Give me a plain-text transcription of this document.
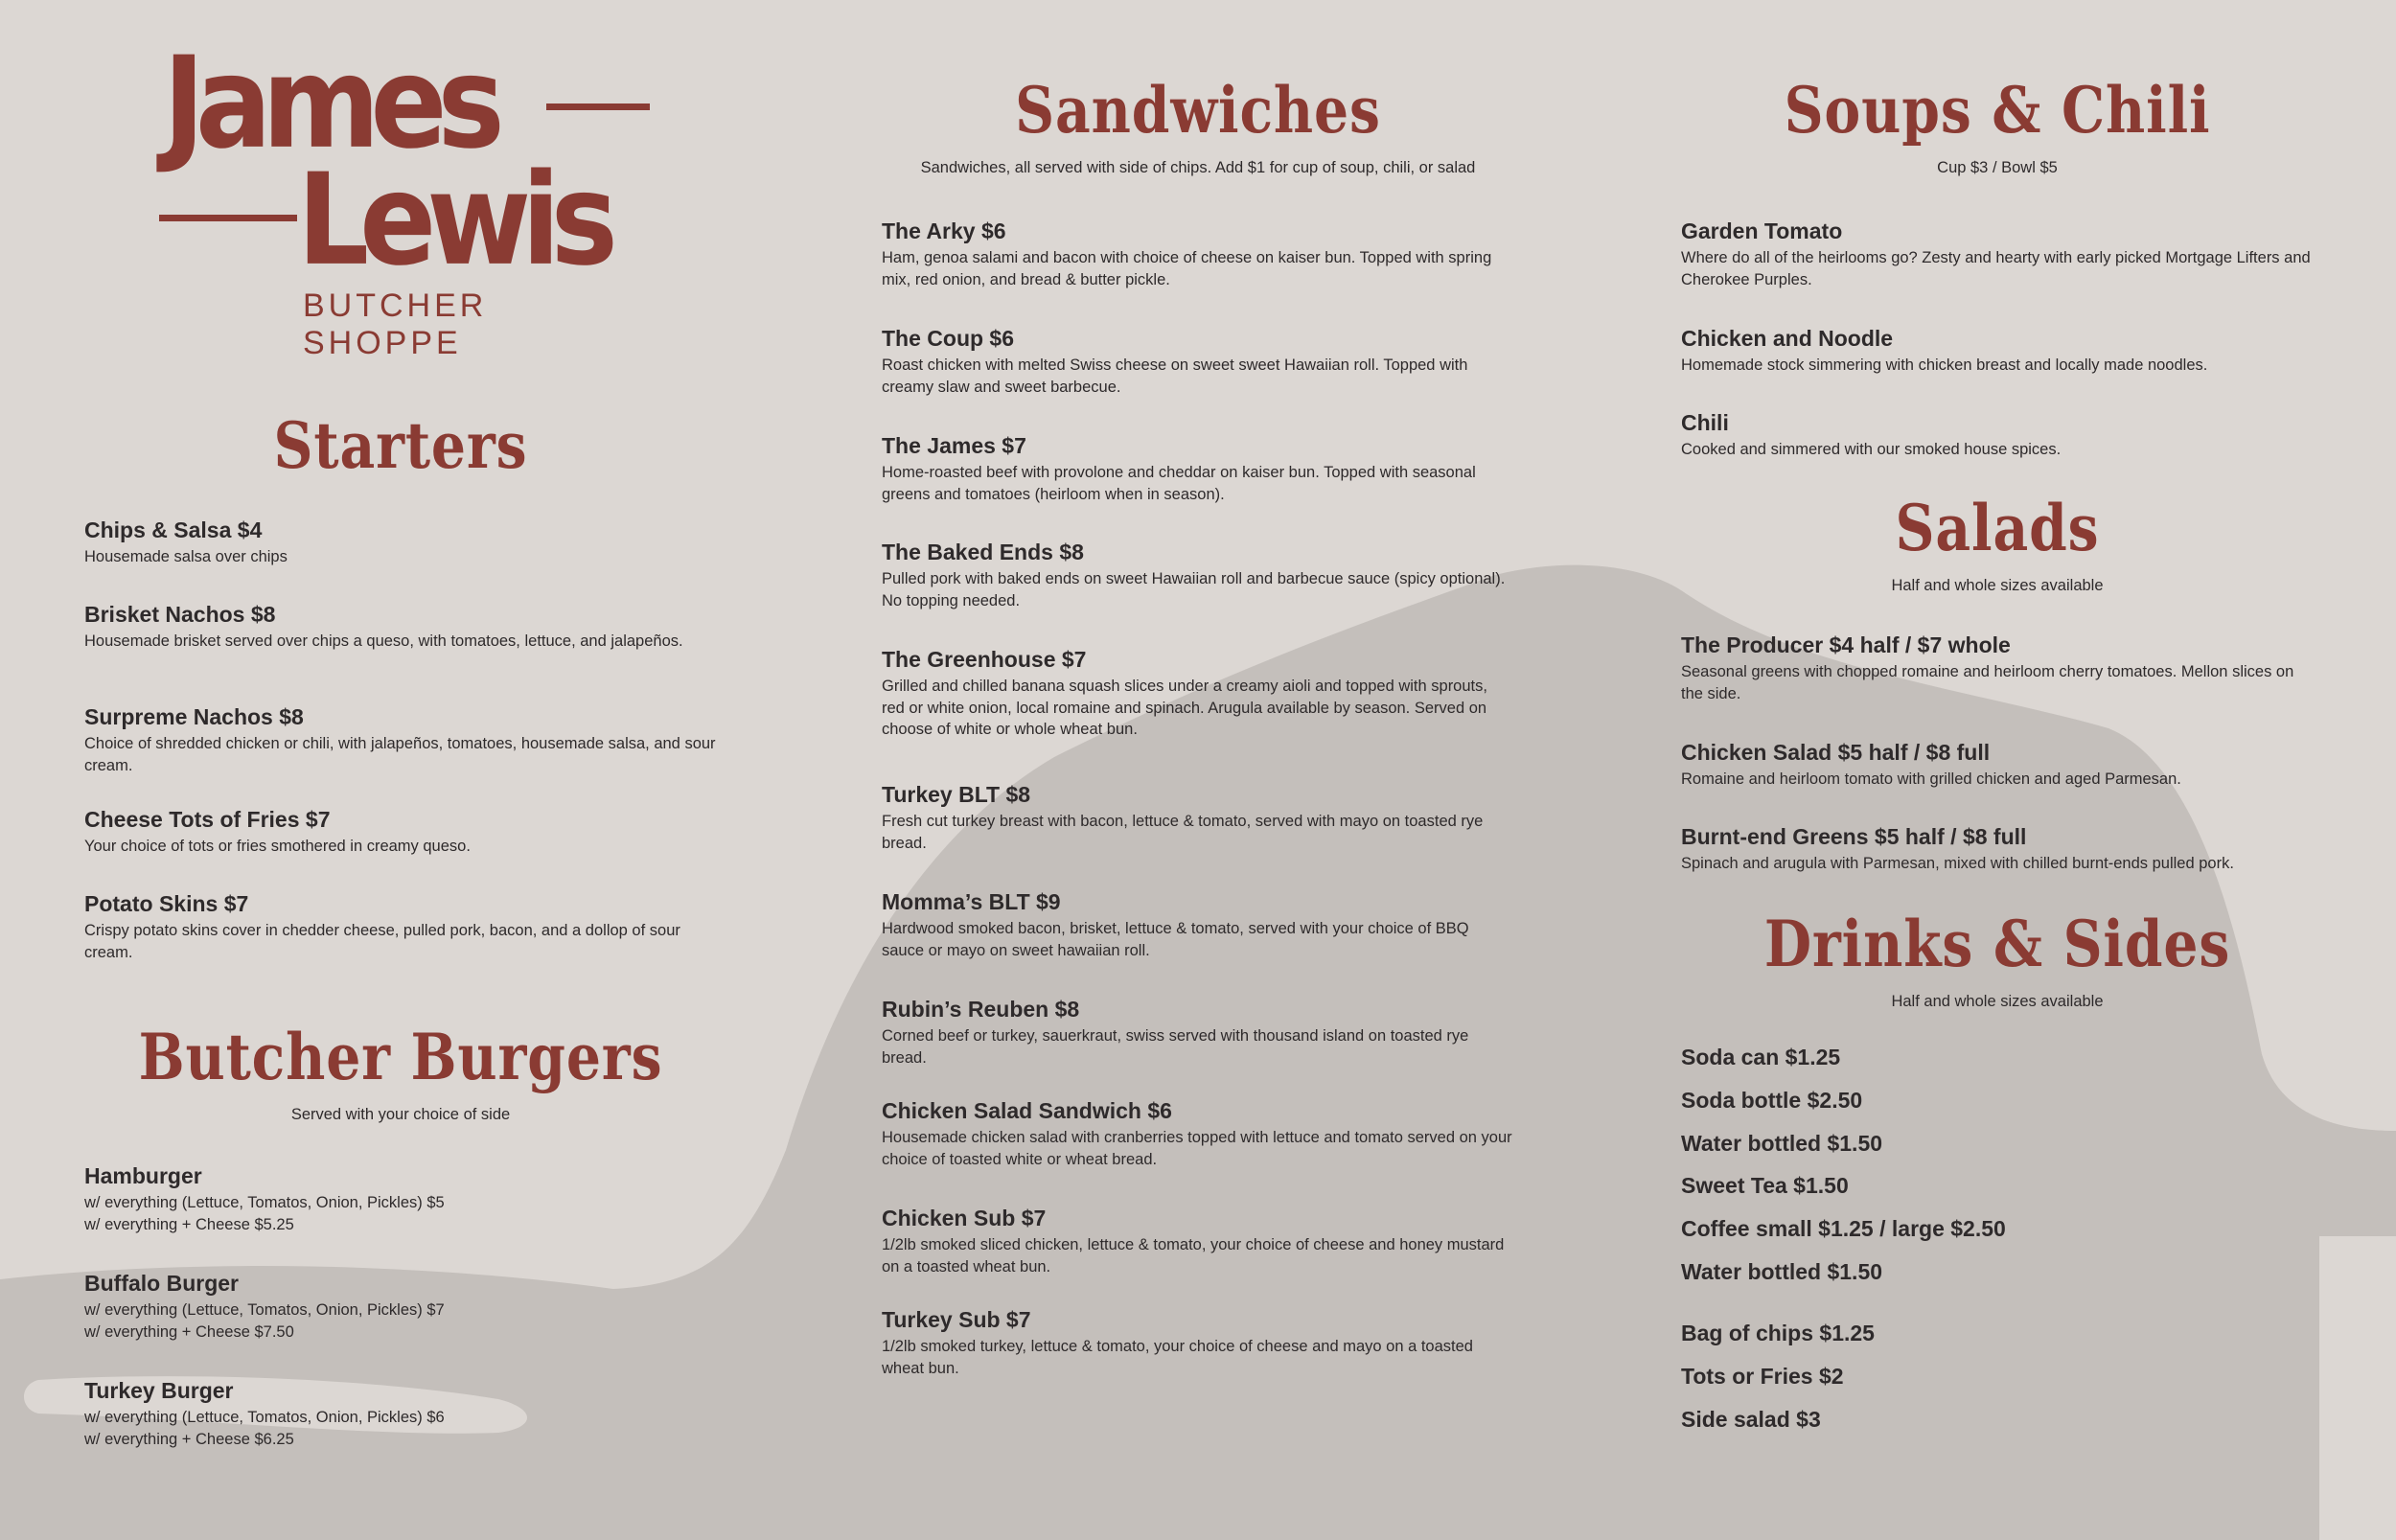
James
Lewis
BUTCHER SHOPPE
Starters

Chips & Salsa $4

Housemade salsa over chips

Brisket Nachos $8

Housemade brisket served over chips a queso, with tomatoes, lettuce, and jalapeños.

Surpreme Nachos $8

Choice of shredded chicken or chili, with jalapeños, tomatoes, housemade salsa, and sour cream.

Cheese Tots of Fries $7

Your choice of tots or fries smothered in creamy queso.

Potato Skins $7

Crispy potato skins cover in chedder cheese, pulled pork, bacon, and a dollop of sour cream.

Butcher Burgers

Served with your choice of side

Hamburger

w/ everything (Lettuce, Tomatos, Onion, Pickles) $5
w/ everything + Cheese $5.25

Buffalo Burger

w/ everything (Lettuce, Tomatos, Onion, Pickles) $7
w/ everything + Cheese $7.50

Turkey Burger

w/ everything (Lettuce, Tomatos, Onion, Pickles) $6
w/ everything + Cheese $6.25

Sandwiches

Sandwiches, all served with side of chips. Add $1 for cup of soup, chili, or salad

The Arky $6

Ham, genoa salami and bacon with choice of cheese on kaiser bun. Topped with spring mix, red onion, and bread & butter pickle.

The Coup $6

Roast chicken with melted Swiss cheese on sweet sweet Hawaiian roll. Topped with creamy slaw and sweet barbecue.

The James $7

Home-roasted beef with provolone and cheddar on kaiser bun. Topped with seasonal greens and tomatoes (heirloom when in season).

The Baked Ends $8

Pulled pork with baked ends on sweet Hawaiian roll and barbecue sauce (spicy optional). No topping needed.

The Greenhouse $7

Grilled and chilled banana squash slices under a creamy aioli and topped with sprouts, red or white onion, local romaine and spinach. Arugula available by season. Served on choose of white or whole wheat bun.

Turkey BLT $8

Fresh cut turkey breast with bacon, lettuce & tomato, served with mayo on toasted rye bread.

Momma’s BLT $9

Hardwood smoked bacon, brisket, lettuce & tomato, served with your choice of BBQ sauce or mayo on sweet hawaiian roll.

Rubin’s Reuben $8

Corned beef or turkey, sauerkraut, swiss served with thousand island on toasted rye bread.

Chicken Salad Sandwich $6

Housemade chicken salad with cranberries topped with lettuce and tomato served on your choice of toasted white or wheat bread.

Chicken Sub $7

1/2lb smoked sliced chicken, lettuce & tomato, your choice of cheese and honey mustard on a toasted wheat bun.

Turkey Sub $7

1/2lb smoked turkey, lettuce & tomato, your choice of cheese and mayo on a toasted wheat bun.

Soups & Chili

Cup $3 / Bowl $5

Garden Tomato

Where do all of the heirlooms go? Zesty and hearty with early picked Mortgage Lifters and Cherokee Purples.

Chicken and Noodle

Homemade stock simmering with chicken breast and locally made noodles.

Chili

Cooked and simmered with our smoked house spices.

Salads

Half and whole sizes available

The Producer $4 half / $7 whole

Seasonal greens with chopped romaine and heirloom cherry tomatoes. Mellon slices on the side.

Chicken Salad $5 half / $8 full

Romaine and heirloom tomato with grilled chicken and aged Parmesan.

Burnt-end Greens $5 half / $8 full

Spinach and arugula with Parmesan, mixed with chilled burnt-ends pulled pork.

Drinks & Sides

Half and whole sizes available

Soda can $1.25
Soda bottle $2.50
Water bottled $1.50
Sweet Tea $1.50
Coffee small $1.25 / large $2.50
Water bottled $1.50
Bag of chips $1.25
Tots or Fries $2
Side salad $3
